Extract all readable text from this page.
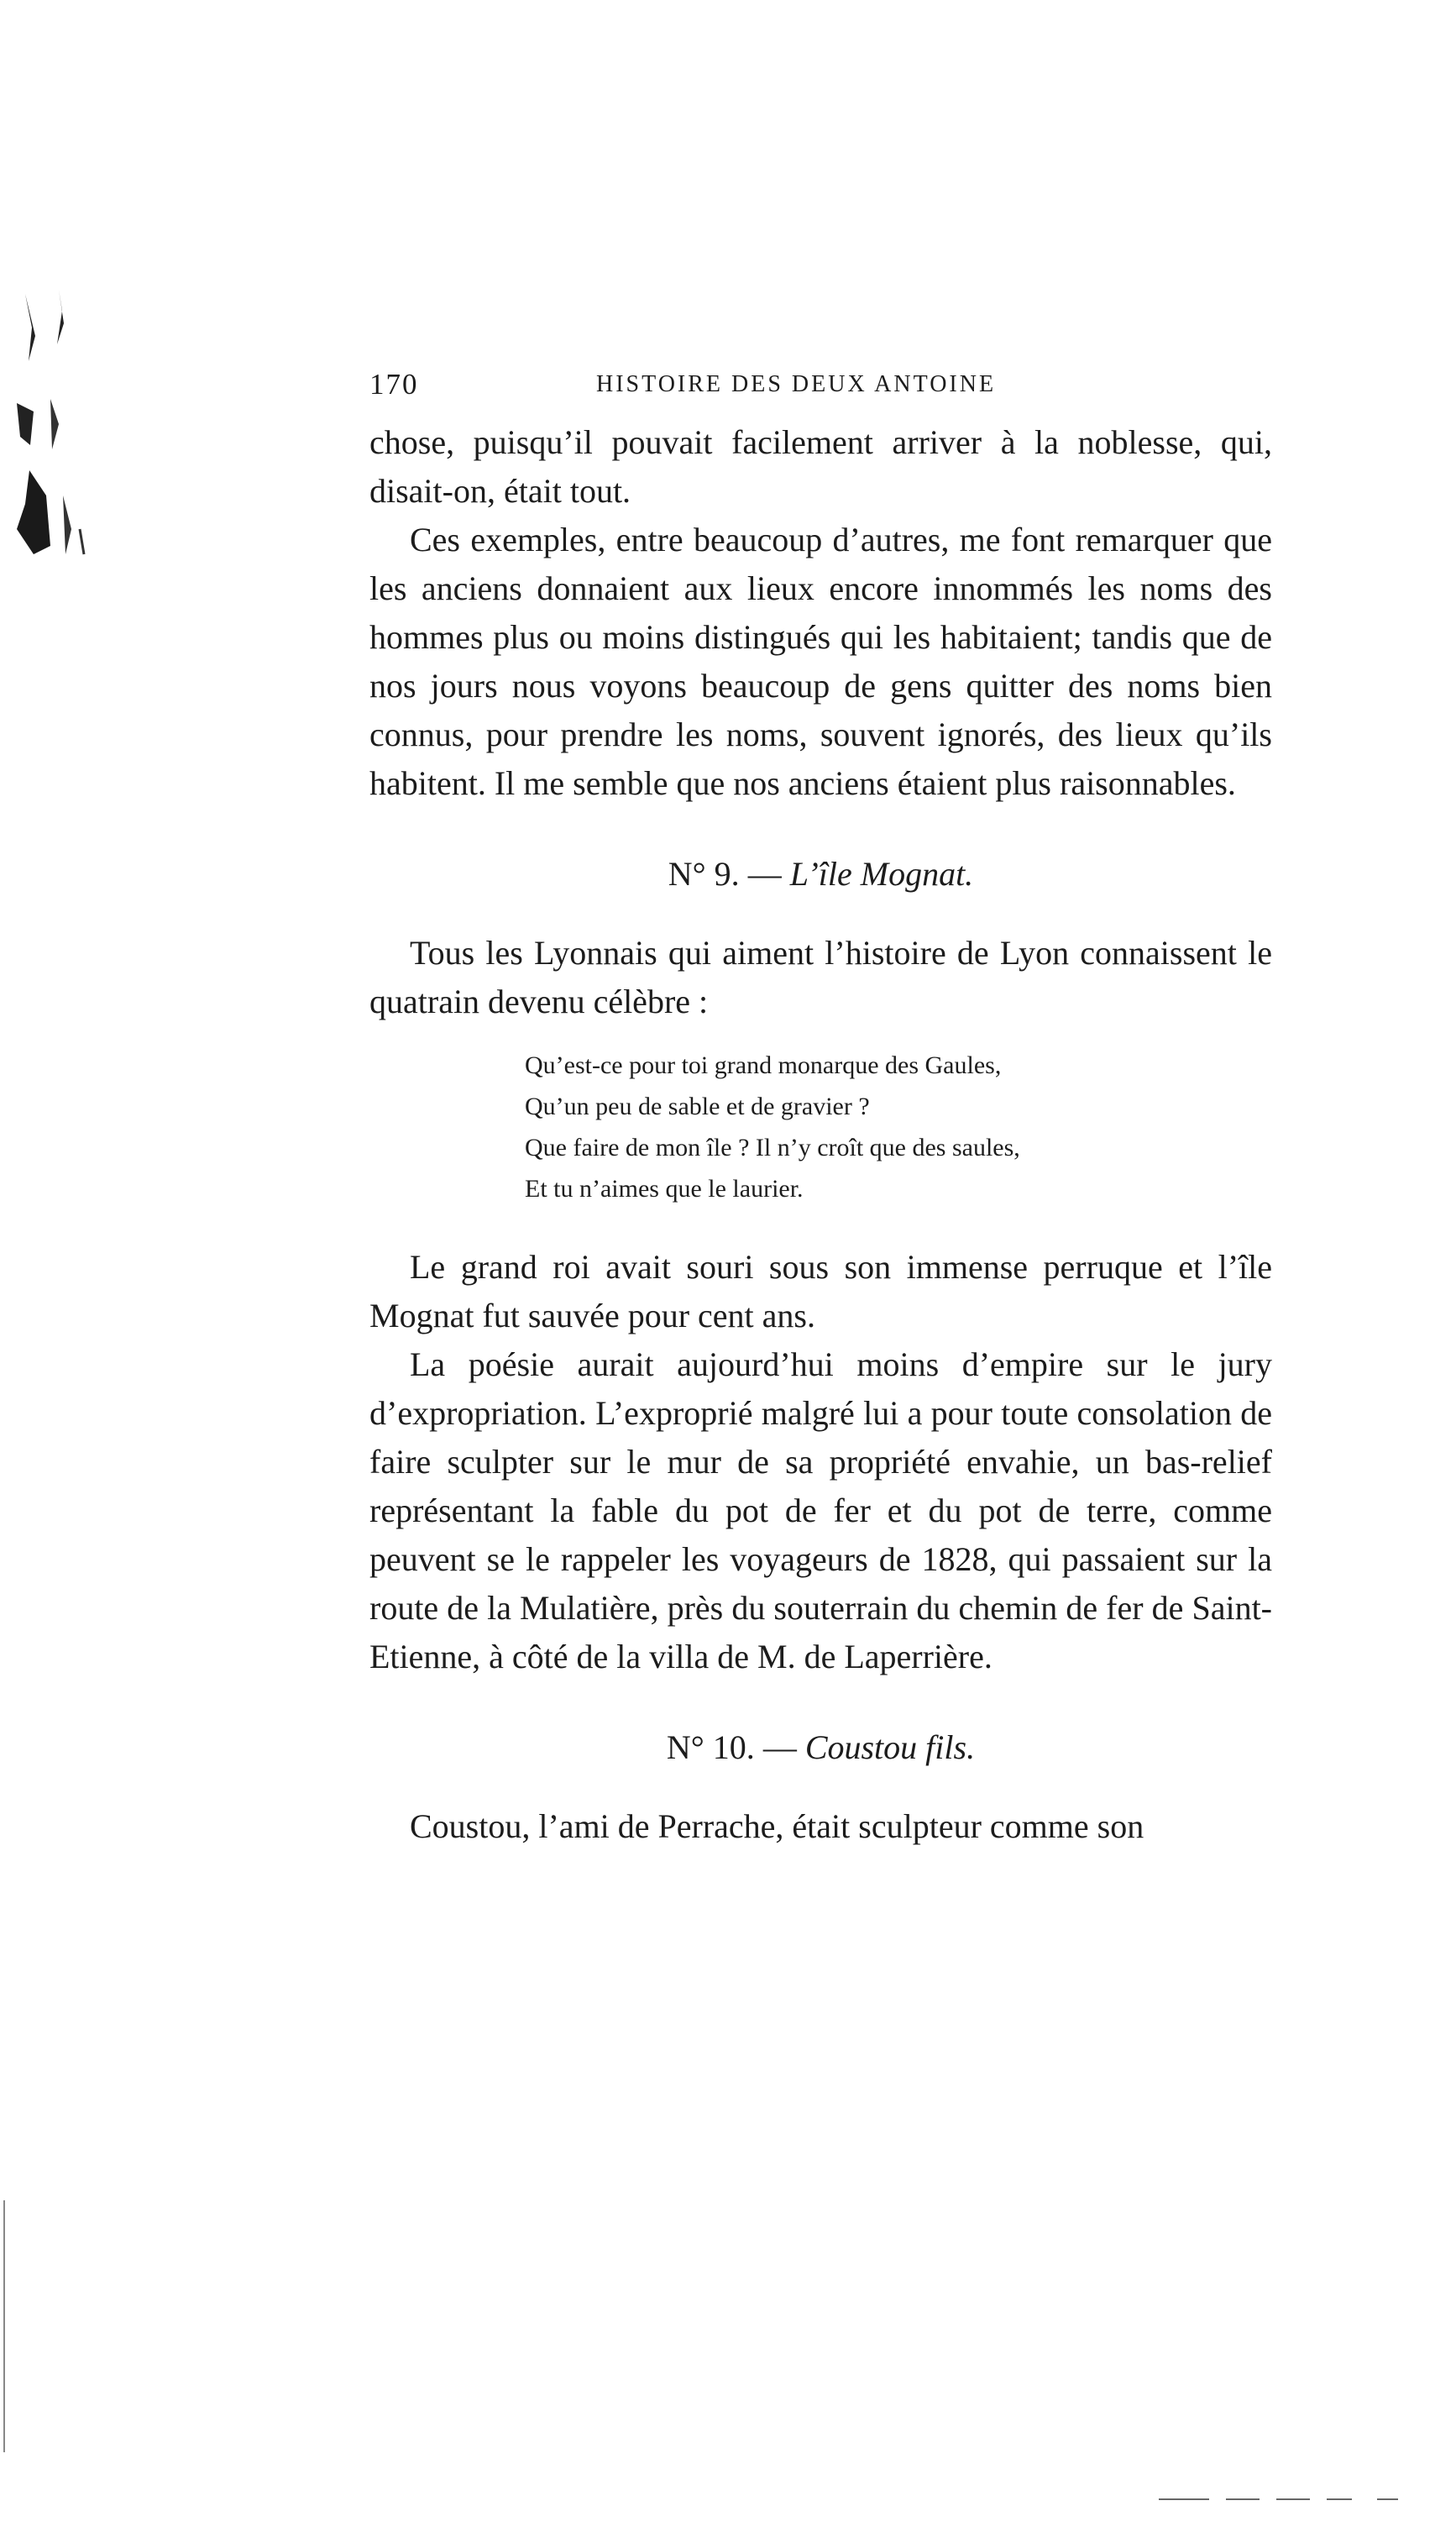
170	HISTOIRE DES DEUX ANTOINE

chose, puisqu’il pouvait facilement arriver à la noblesse, qui, disait-on, était tout.

Ces exemples, entre beaucoup d’autres, me font remarquer que les anciens donnaient aux lieux encore innommés les noms des hommes plus ou moins distingués qui les habitaient; tandis que de nos jours nous voyons beaucoup de gens quitter des noms bien connus, pour prendre les noms, souvent ignorés, des lieux qu’ils habitent. Il me semble que nos anciens étaient plus raisonnables.

N° 9. — L’île Mognat.

Tous les Lyonnais qui aiment l’histoire de Lyon connaissent le quatrain devenu célèbre :

Qu’est-ce pour toi grand monarque des Gaules,
Qu’un peu de sable et de gravier ?
Que faire de mon île ? Il n’y croît que des saules,
Et tu n’aimes que le laurier.

Le grand roi avait souri sous son immense perruque et l’île Mognat fut sauvée pour cent ans.

La poésie aurait aujourd’hui moins d’empire sur le jury d’expropriation. L’exproprié malgré lui a pour toute consolation de faire sculpter sur le mur de sa propriété envahie, un bas-relief représentant la fable du pot de fer et du pot de terre, comme peuvent se le rappeler les voyageurs de 1828, qui passaient sur la route de la Mulatière, près du souterrain du chemin de fer de Saint-Etienne, à côté de la villa de M. de Laperrière.

N° 10. — Coustou fils.

Coustou, l’ami de Perrache, était sculpteur comme son
